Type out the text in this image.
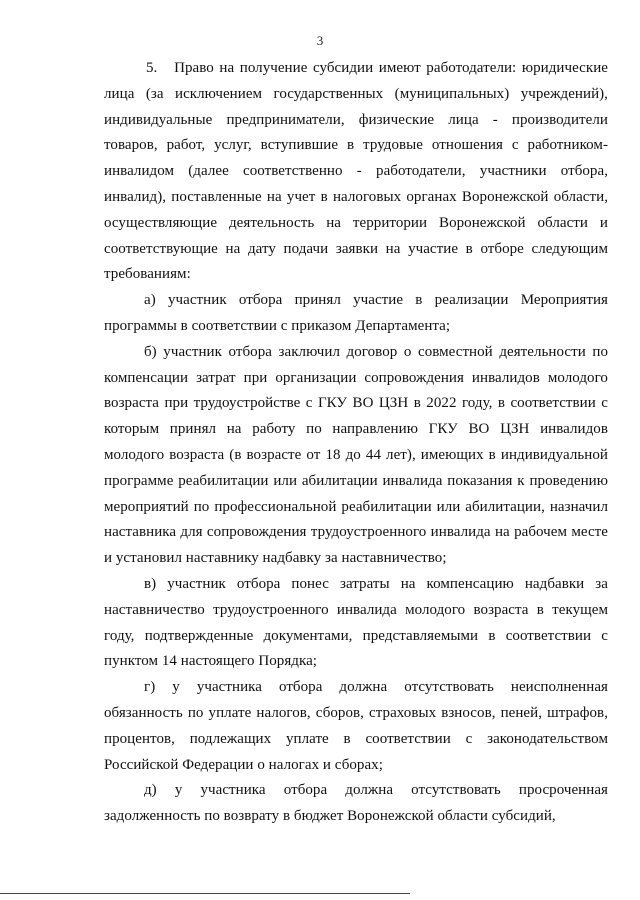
3

5.   Право на получение субсидии имеют работодатели: юридические лица (за исключением государственных (муниципальных) учреждений), индивидуальные предприниматели, физические лица - производители товаров, работ, услуг, вступившие в трудовые отношения с работником-инвалидом (далее соответственно - работодатели, участники отбора, инвалид), поставленные на учет в налоговых органах Воронежской области, осуществляющие деятельность на территории Воронежской области и соответствующие на дату подачи заявки на участие в отборе следующим требованиям:

а) участник отбора принял участие в реализации Мероприятия программы в соответствии с приказом Департамента;

б) участник отбора заключил договор о совместной деятельности по компенсации затрат при организации сопровождения инвалидов молодого возраста при трудоустройстве с ГКУ ВО ЦЗН в 2022 году, в соответствии с которым принял на работу по направлению ГКУ ВО ЦЗН инвалидов молодого возраста (в возрасте от 18 до 44 лет), имеющих в индивидуальной программе реабилитации или абилитации инвалида показания к проведению мероприятий по профессиональной реабилитации или абилитации, назначил наставника для сопровождения трудоустроенного инвалида на рабочем месте и установил наставнику надбавку за наставничество;

в) участник отбора понес затраты на компенсацию надбавки за наставничество трудоустроенного инвалида молодого возраста в текущем году, подтвержденные документами, представляемыми в соответствии с пунктом 14 настоящего Порядка;

г) у участника отбора должна отсутствовать неисполненная обязанность по уплате налогов, сборов, страховых взносов, пеней, штрафов, процентов, подлежащих уплате в соответствии с законодательством Российской Федерации о налогах и сборах;

д) у участника отбора должна отсутствовать просроченная задолженность по возврату в бюджет Воронежской области субсидий,
